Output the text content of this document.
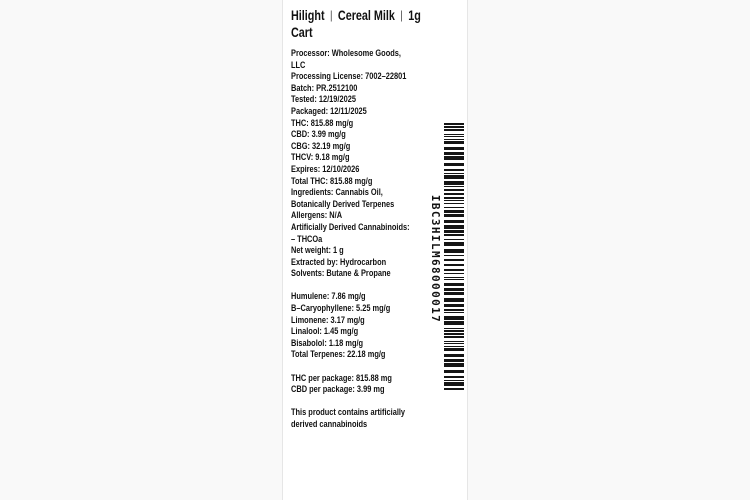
Hilight | Cereal Milk | 1g
Cart
Processor: Wholesome Goods,
LLC
Processing License: 7002–22801
Batch: PR.2512100
Tested: 12/19/2025
Packaged: 12/11/2025
THC: 815.88 mg/g
CBD: 3.99 mg/g
CBG: 32.19 mg/g
THCV: 9.18 mg/g
Expires: 12/10/2026
Total THC: 815.88 mg/g
Ingredients: Cannabis Oil,
Botanically Derived Terpenes
Allergens: N/A
Artificially Derived Cannabinoids:
– THCOa
Net weight: 1 g
Extracted by: Hydrocarbon
Solvents: Butane & Propane
Humulene: 7.86 mg/g
B–Caryophyllene: 5.25 mg/g
Limonene: 3.17 mg/g
Linalool: 1.45 mg/g
Bisabolol: 1.18 mg/g
Total Terpenes: 22.18 mg/g
THC per package: 815.88 mg
CBD per package: 3.99 mg
This product contains artificially
derived cannabinoids
IBC3HILM68000017
